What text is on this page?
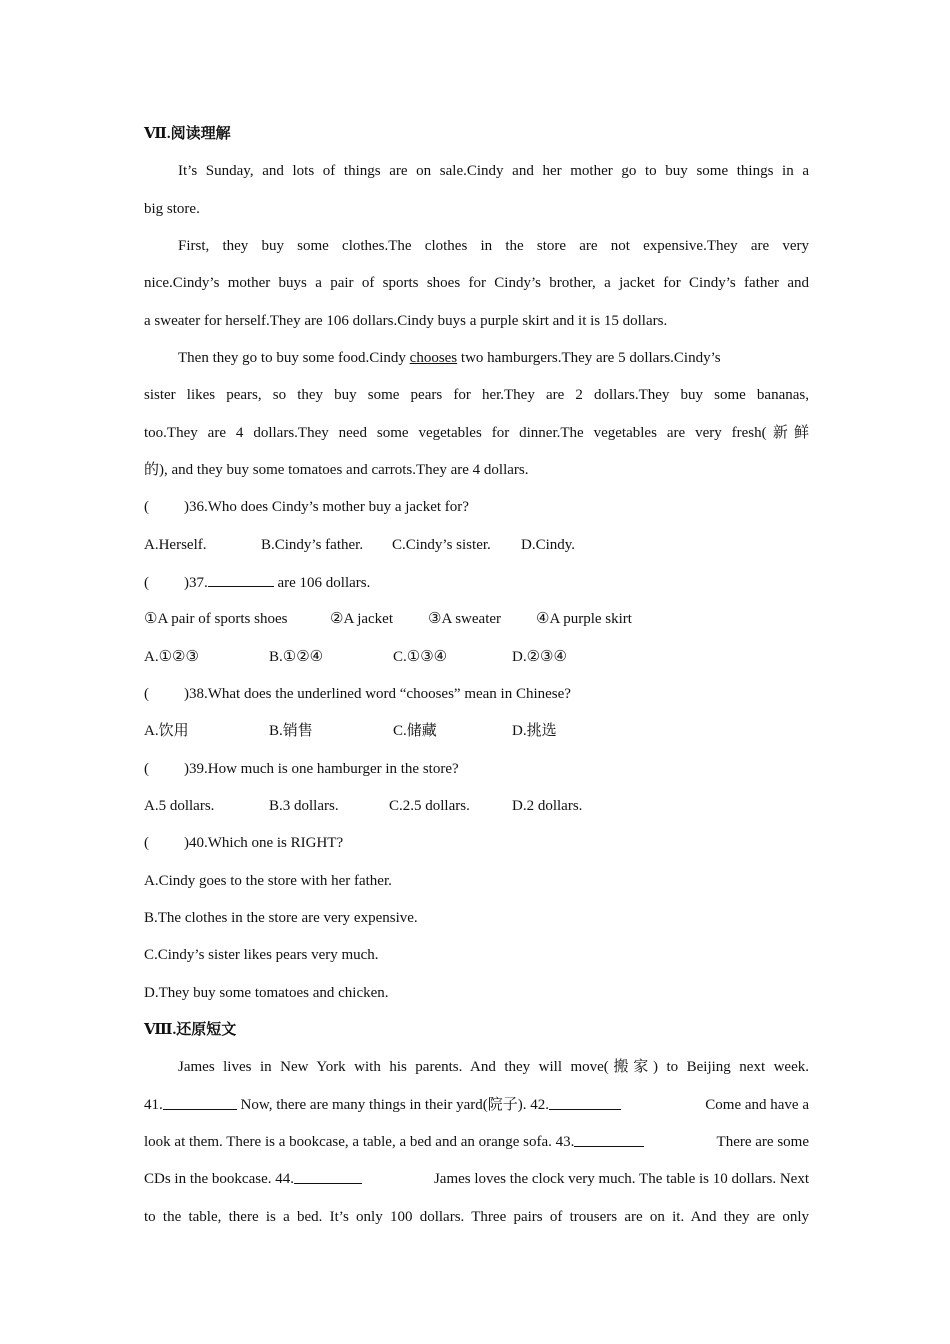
Ⅶ.阅读理解
It’s Sunday, and lots of things are on sale.Cindy and her mother go to buy some things in a
big store.
First, they buy some clothes.The clothes in the store are not expensive.They are very
nice.Cindy’s mother buys a pair of sports shoes for Cindy’s brother, a jacket for Cindy’s father and
a sweater for herself.They are 106 dollars.Cindy buys a purple skirt and it is 15 dollars.
Then they go to buy some food.Cindy chooses two hamburgers.They are 5 dollars.Cindy’s
sister likes pears, so they buy some pears for her.They are 2 dollars.They buy some bananas,
too.They are 4 dollars.They need some vegetables for dinner.The vegetables are very fresh(新鲜
的), and they buy some tomatoes and carrots.They are 4 dollars.
( )36.Who does Cindy’s mother buy a jacket for?
A.Herself.	B.Cindy’s father. C.Cindy’s sister. D.Cindy.
( )37.	are 106 dollars.
①A pair of sports shoes	②A jacket ③A sweater ④A purple skirt
A.①②③	B.①②④	C.①③④	D.②③④
( )38.What does the underlined word “chooses” mean in Chinese?
A.饮用	B.销售	C.储藏	D.挑选
( )39.How much is one hamburger in the store?
A.5 dollars.	B.3 dollars.	C.2.5 dollars.	D.2 dollars.
( )40.Which one is RIGHT?
A.Cindy goes to the store with her father.
B.The clothes in the store are very expensive.
C.Cindy’s sister likes pears very much.
D.They buy some tomatoes and chicken.
Ⅷ.还原短文
James lives in New York with his parents. And they will move(搬家) to Beijing next week.
41.	Now, there are many things in their yard(院子). 42.	Come and have a
look at them. There is a bookcase, a table, a bed and an orange sofa. 43.	There are some
CDs in the bookcase. 44.	James loves the clock very much. The table is 10 dollars. Next
to the table, there is a bed. It’s only 100 dollars. Three pairs of trousers are on it. And they are only
